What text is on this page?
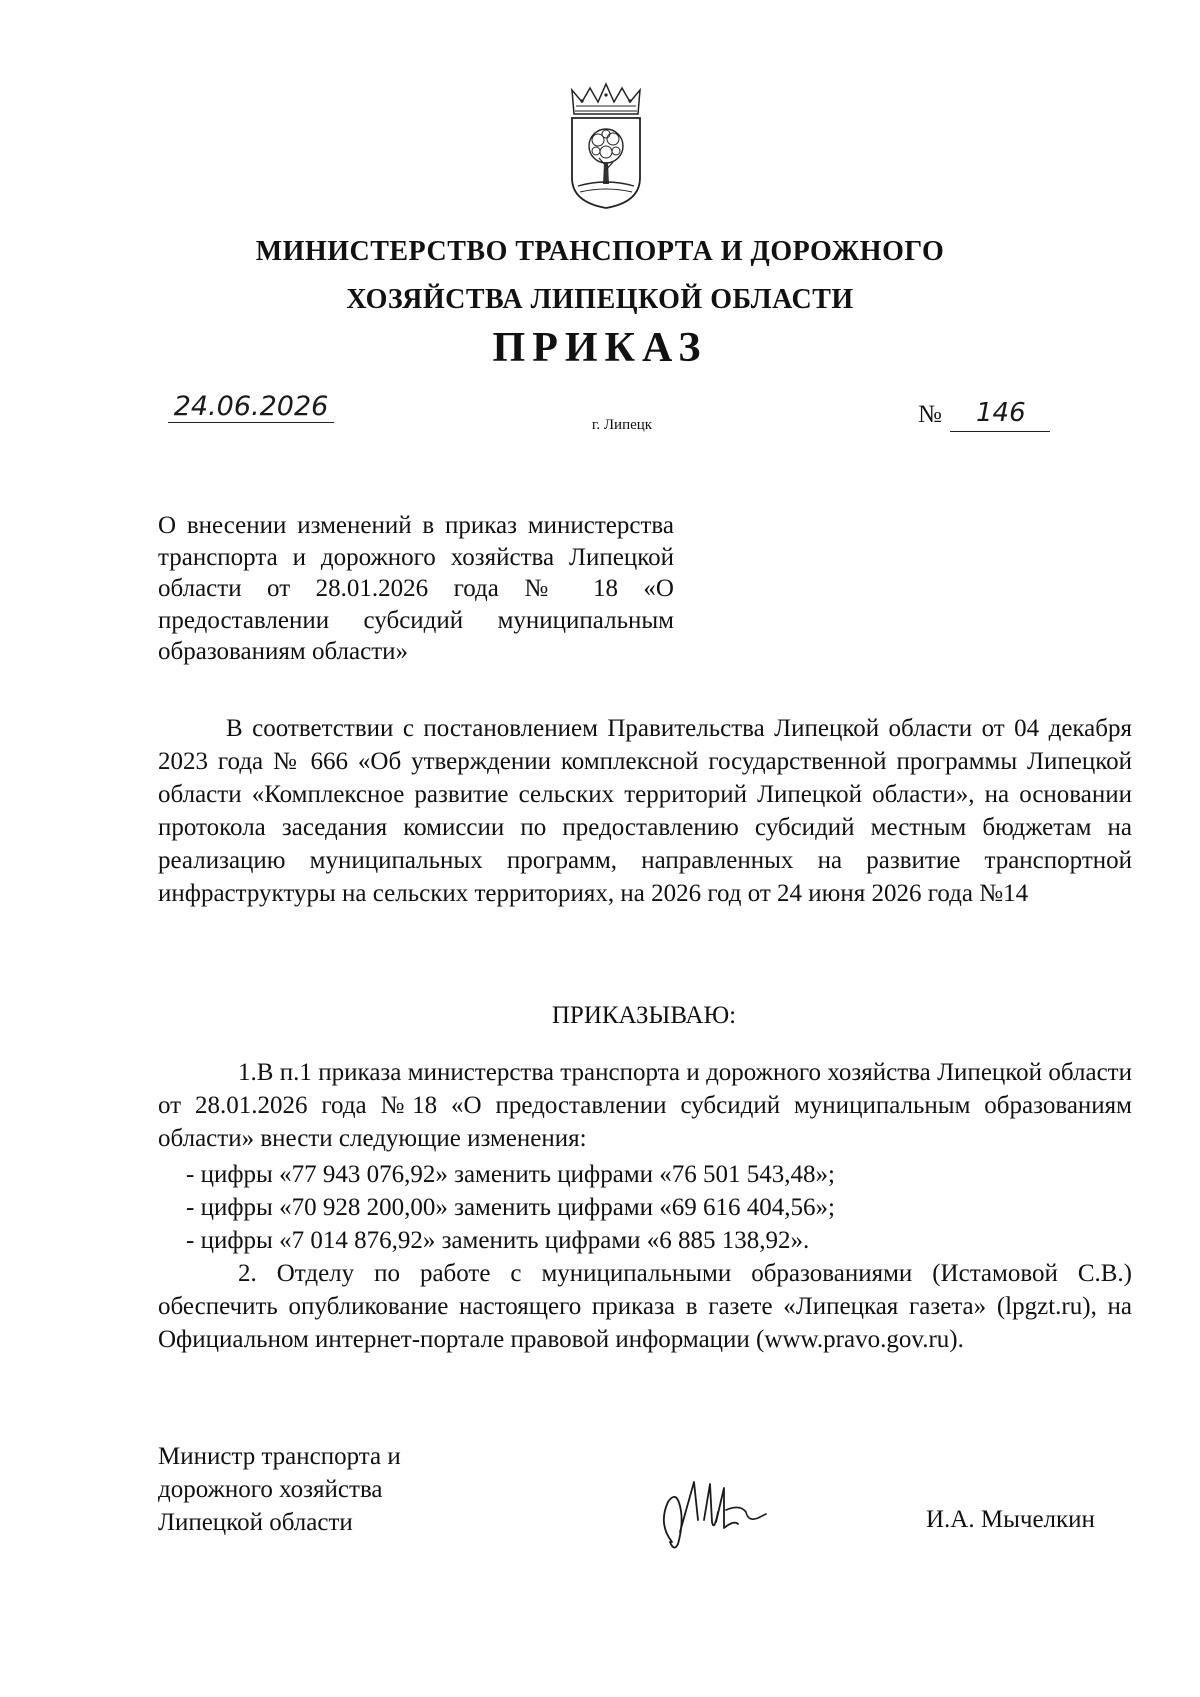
МИНИСТЕРСТВО ТРАНСПОРТА И ДОРОЖНОГО
ХОЗЯЙСТВА ЛИПЕЦКОЙ ОБЛАСТИ
ПРИКАЗ
24.06.2026
г. Липецк	№	146
О внесении изменений в приказ министерства транспорта и дорожного хозяйства Липецкой области от 28.01.2026 года № 18 «О предоставлении субсидий муниципальным образованиям области»
В соответствии с постановлением Правительства Липецкой области от 04 декабря 2023 года № 666 «Об утверждении комплексной государственной программы Липецкой области «Комплексное развитие сельских территорий Липецкой области», на основании протокола заседания комиссии по предоставлению субсидий местным бюджетам на реализацию муниципальных программ, направленных на развитие транспортной инфраструктуры на сельских территориях, на 2026 год от 24 июня 2026 года №14
ПРИКАЗЫВАЮ:
1.В п.1 приказа министерства транспорта и дорожного хозяйства Липецкой области от 28.01.2026 года №18 «О предоставлении субсидий муниципальным образованиям области» внести следующие изменения:
- цифры «77 943 076,92» заменить цифрами «76 501 543,48»;
- цифры «70 928 200,00» заменить цифрами «69 616 404,56»;
- цифры «7 014 876,92» заменить цифрами «6 885 138,92».
2. Отделу по работе с муниципальными образованиями (Истамовой С.В.) обеспечить опубликование настоящего приказа в газете «Липецкая газета» (lpgzt.ru), на Официальном интернет-портале правовой информации (www.pravo.gov.ru).
Министр транспорта и
дорожного хозяйства
Липецкой области	И.А. Мычелкин
